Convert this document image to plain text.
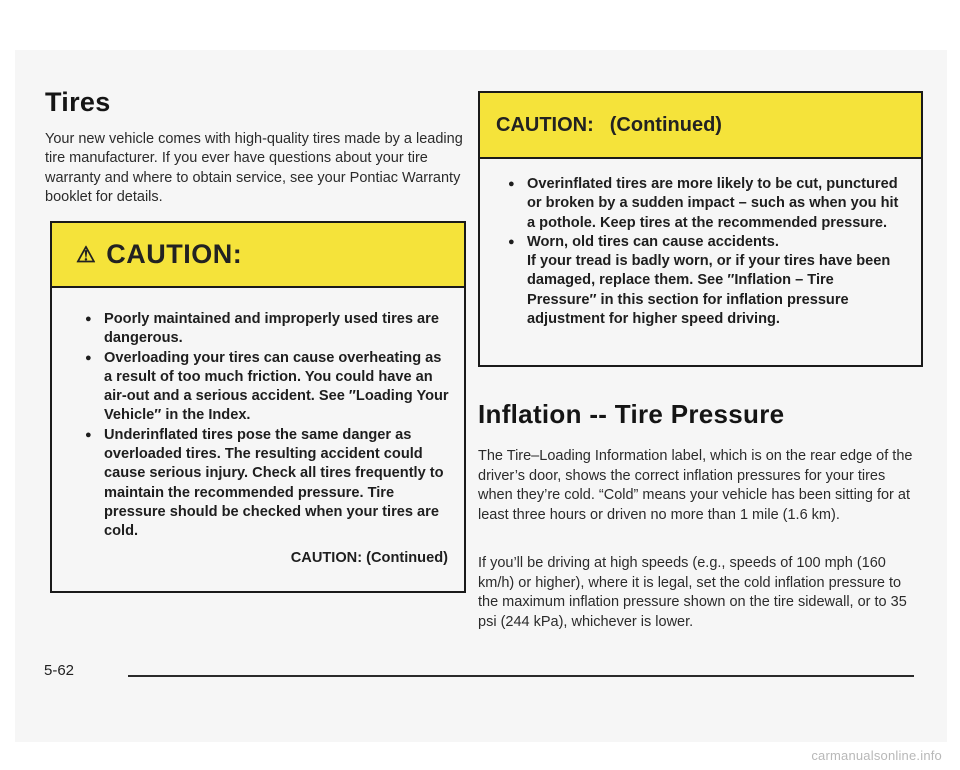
Tires

Your new vehicle comes with high-quality tires made by a leading tire manufacturer. If you ever have questions about your tire warranty and where to obtain service, see your Pontiac Warranty booklet for details.

⚠ CAUTION:
● Poorly maintained and improperly used tires are dangerous.
● Overloading your tires can cause overheating as a result of too much friction. You could have an air-out and a serious accident. See ″Loading Your Vehicle″ in the Index.
● Underinflated tires pose the same danger as overloaded tires. The resulting accident could cause serious injury. Check all tires frequently to maintain the recommended pressure. Tire pressure should be checked when your tires are cold.
CAUTION: (Continued)
CAUTION: (Continued)
● Overinflated tires are more likely to be cut, punctured or broken by a sudden impact – such as when you hit a pothole. Keep tires at the recommended pressure.
● Worn, old tires can cause accidents.
If your tread is badly worn, or if your tires have been damaged, replace them. See ″Inflation – Tire Pressure″ in this section for inflation pressure adjustment for higher speed driving.
Inflation -- Tire Pressure

The Tire–Loading Information label, which is on the rear edge of the driver’s door, shows the correct inflation pressures for your tires when they’re cold. “Cold” means your vehicle has been sitting for at least three hours or driven no more than 1 mile (1.6 km).

If you’ll be driving at high speeds (e.g., speeds of 100 mph (160 km/h) or higher), where it is legal, set the cold inflation pressure to the maximum inflation pressure shown on the tire sidewall, or to 35 psi (244 kPa), whichever is lower.

5-62
carmanualsonline.info
